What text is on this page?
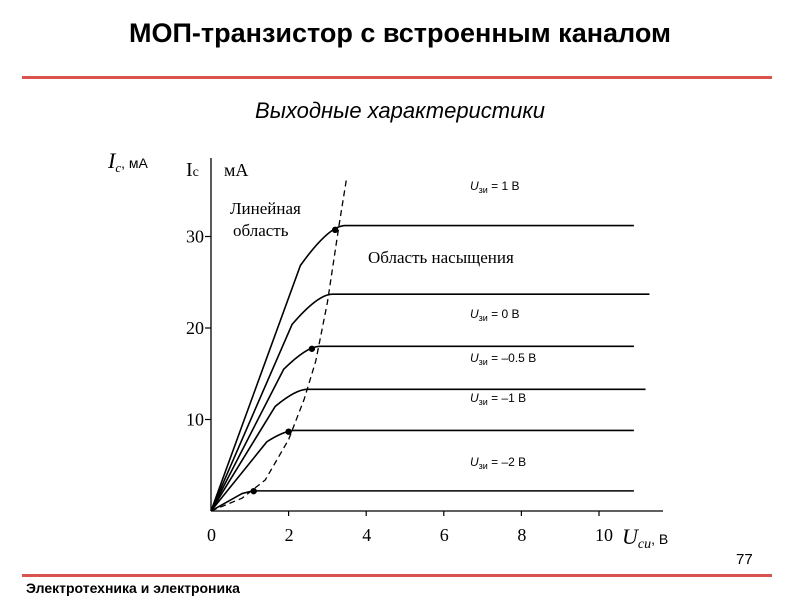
МОП-транзистор с встроенным каналом
Выходные характеристики
0	2	4	6	8	10
10
20
30
Ic, мА Iс мА
Uси, В
Линейная
область
Область насыщения
$U_{зи} = 1$ В
$U_{зи} = 0$ В
$U_{зи} = -0.5$ В
$U_{зи} = -1$ В
$U_{зи} = -2$ В
77
Электротехника и электроника
